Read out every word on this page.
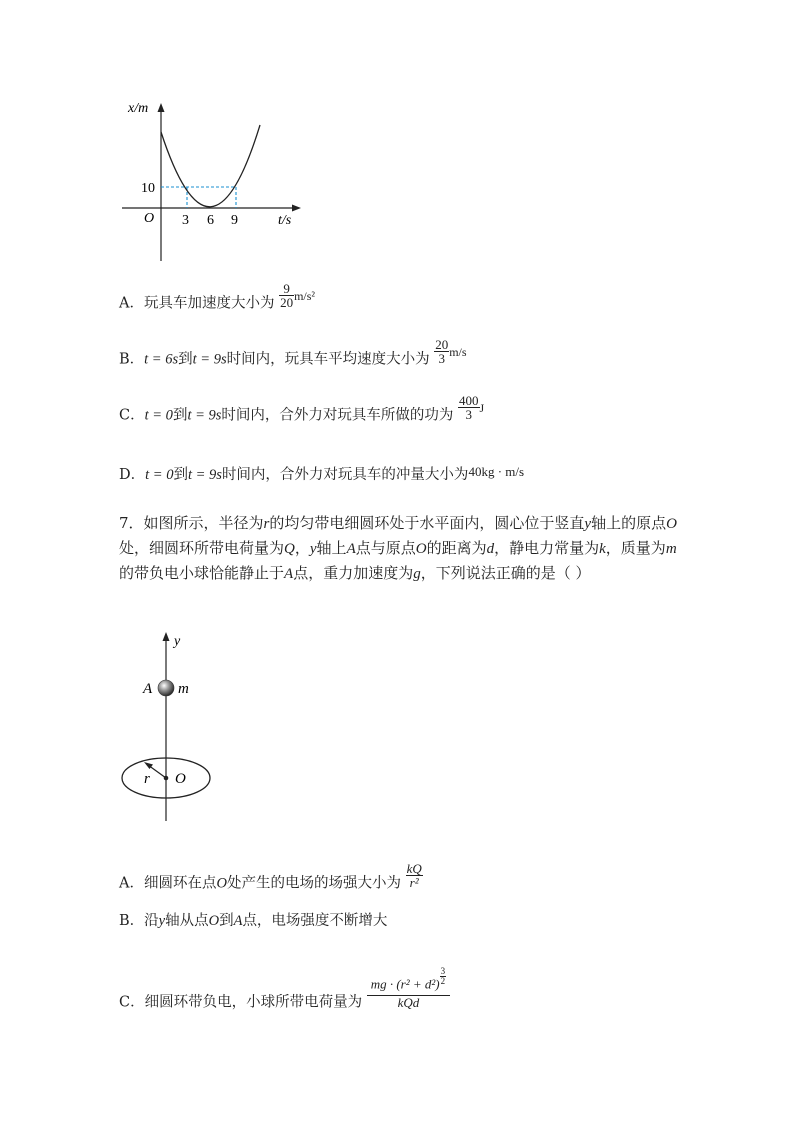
x/m
t/s
O
10
3 6 9
A．玩具车加速度大小为 $\frac{9}{20} ^{m/s^2}$
B．t = 6s到t = 9s时间内，玩具车平均速度大小为 $\frac{20}{3} ^{m/s}$
C．t = 0到t = 9s时间内，合外力对玩具车所做的功为 $\frac{400}{3} ^J$
D．t = 0到t = 9s时间内，合外力对玩具车的冲量大小为40kg · m/s
7．如图所示，半径为r的均匀带电细圆环处于水平面内，圆心位于竖直y轴上的原点O处，细圆环所带电荷量为Q，y轴上A点与原点O的距离为d，静电力常量为k，质量为m的带负电小球恰能静止于A点，重力加速度为g，下列说法正确的是（ ）
y
A m
r O
A．细圆环在点O处产生的电场的场强大小为 $\frac{kQ}{\text{r²}}$
B．沿y轴从点O到A点，电场强度不断增大
C．细圆环带负电，小球所带电荷量为 $\frac{mg \cdot (r^2 + d^2) \frac{3}{2}}{\text{kQd}}$
